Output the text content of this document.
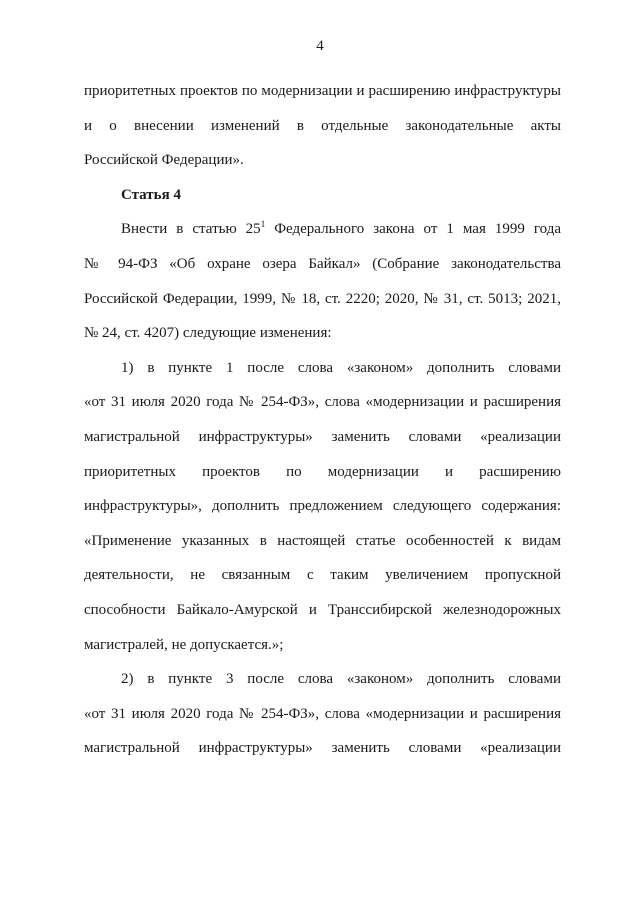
4

приоритетных проектов по модернизации и расширению инфраструктуры
и о внесении изменений в отдельные законодательные акты
Российской Федерации».

Статья 4

Внести в статью $25^1$ Федерального закона от 1 мая 1999 года
№ 94-ФЗ «Об охране озера Байкал» (Собрание законодательства
Российской Федерации, 1999, № 18, ст. 2220; 2020, № 31, ст. 5013; 2021,
№ 24, ст. 4207) следующие изменения:

1) в пункте 1 после слова «законом» дополнить словами
«от 31 июля 2020 года № 254-ФЗ», слова «модернизации и расширения
магистральной инфраструктуры» заменить словами «реализации
приоритетных проектов по модернизации и расширению
инфраструктуры», дополнить предложением следующего содержания:
«Применение указанных в настоящей статье особенностей к видам
деятельности, не связанным с таким увеличением пропускной
способности Байкало-Амурской и Транссибирской железнодорожных
магистралей, не допускается.»;

2) в пункте 3 после слова «законом» дополнить словами
«от 31 июля 2020 года № 254-ФЗ», слова «модернизации и расширения
магистральной инфраструктуры» заменить словами «реализации
